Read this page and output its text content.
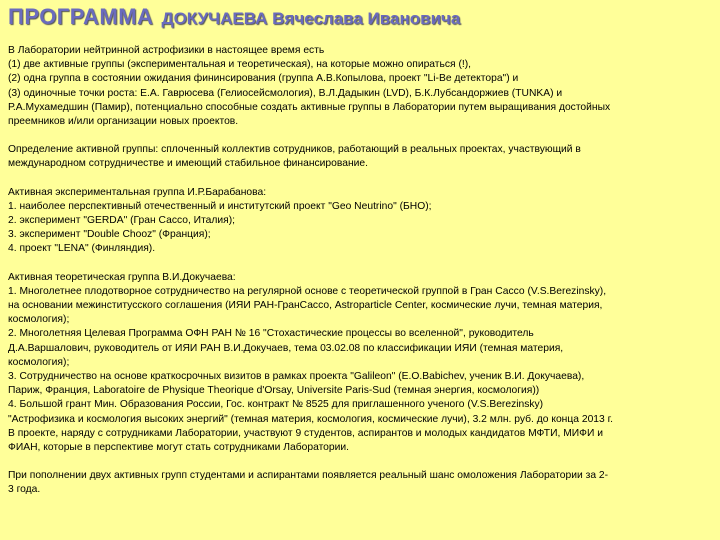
ПРОГРАММА ДОКУЧАЕВА Вячеслава Ивановича

В Лаборатории нейтринной астрофизики в настоящее время есть
(1) две активные группы (экспериментальная и теоретическая), на которые можно опираться (!),
(2) одна группа в состоянии ожидания фининсирования (группа А.В.Копылова, проект "Li-Be детектора") и
(3) одиночные точки роста: Е.А. Гаврюсева (Гелиосейсмология), В.Л.Дадыкин (LVD), Б.К.Лубсандоржиев (TUNKA) и
Р.А.Мухамедшин (Памир), потенциально способные создать активные группы в Лаборатории путем выращивания достойных
преемников и/или организации новых проектов.

Определение активной группы: сплоченный коллектив сотрудников, работающий в реальных проектах, участвующий в
международном сотрудничестве и имеющий стабильное финансирование.

Активная экспериментальная группа И.Р.Барабанова:
1. наиболее перспективный отечественный и институтский проект "Geo Neutrino" (БНО);
2. эксперимент "GERDA" (Гран Сассо, Италия);
3. эксперимент "Double Chooz" (Франция);
4. проект "LENA" (Финляндия).

Активная теоретическая группа В.И.Докучаева:
1. Многолетнее плодотворное сотрудничество на регулярной основе с теоретической группой в Гран Сассо (V.S.Berezinsky),
на основании межинститусского соглашения (ИЯИ РАН-ГранСассо, Astroparticle Center, космические лучи, темная материя,
космология);
2. Многолетняя Целевая Программа ОФН РАН № 16 "Стохастические процессы во вселенной", руководитель
Д.А.Варшалович, руководитель от ИЯИ РАН В.И.Докучаев, тема 03.02.08 по классификации ИЯИ (темная материя,
космология);
3. Сотрудничество на основе краткосрочных визитов в рамках проекта "Galileon" (E.O.Babichev, ученик В.И. Докучаева),
Париж, Франция, Laboratoire de Physique Theorique d'Orsay, Universite Paris-Sud (темная энергия, космология))
4. Большой грант Мин. Образования России, Гос. контракт № 8525 для приглашенного ученого (V.S.Berezinsky)
"Астрофизика и космология высоких энергий" (темная материя, космология, космические лучи), 3.2 млн. руб. до конца 2013 г.
В проекте, наряду с сотрудниками Лаборатории, участвуют 9 студентов, аспирантов и молодых кандидатов МФТИ, МИФИ и
ФИАН, которые в перспективе могут стать сотрудниками Лаборатории.

При пополнении двух активных групп студентами и аспирантами появляется реальный шанс омоложения Лаборатории за 2-
3 года.
